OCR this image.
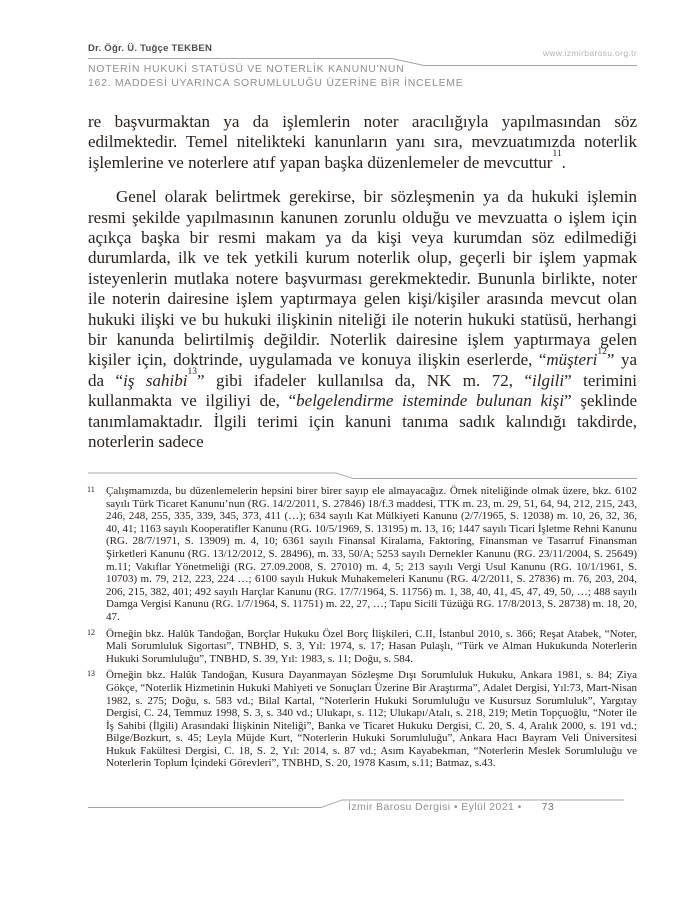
Dr. Öğr. Ü. Tuğçe TEKBEN	www.izmirbarosu.org.tr
NOTERİN HUKUKİ STATÜSÜ VE NOTERLİK KANUNU’NUN
162. MADDESİ UYARINCA SORUMLULUĞU ÜZERİNE BİR İNCELEME

re başvurmaktan ya da işlemlerin noter aracılığıyla yapılmasından söz edilmektedir. Temel nitelikteki kanunların yanı sıra, mevzuatımızda noterlik işlemlerine ve noterlere atıf yapan başka düzenlemeler de mevcuttur$^{11}$.

Genel olarak belirtmek gerekirse, bir sözleşmenin ya da hukuki işlemin resmi şekilde yapılmasının kanunen zorunlu olduğu ve mevzuatta o işlem için açıkça başka bir resmi makam ya da kişi veya kurumdan söz edilmediği durumlarda, ilk ve tek yetkili kurum noterlik olup, geçerli bir işlem yapmak isteyenlerin mutlaka notere başvurması gerekmektedir. Bununla birlikte, noter ile noterin dairesine işlem yaptırmaya gelen kişi/kişiler arasında mevcut olan hukuki ilişki ve bu hukuki ilişkinin niteliği ile noterin hukuki statüsü, herhangi bir kanunda belirtilmiş değildir. Noterlik dairesine işlem yaptırmaya gelen kişiler için, doktrinde, uygulamada ve konuya ilişkin eserlerde, “müşteri$^{12}$” ya da “iş sahibi$^{13}$” gibi ifadeler kullanılsa da, NK m. 72, “ilgili” terimini kullanmakta ve ilgiliyi de, “belgelendirme isteminde bulunan kişi” şeklinde tanımlamaktadır. İlgili terimi için kanuni tanıma sadık kalındığı takdirde, noterlerin sadece

11 Çalışmamızda, bu düzenlemelerin hepsini birer birer sayıp ele almayacağız. Örnek niteliğinde olmak üzere, bkz. 6102 sayılı Türk Ticaret Kanunu’nun (RG. 14/2/2011, S. 27846) 18/f.3 maddesi, TTK m. 23, m. 29, 51, 64, 94, 212, 215, 243, 246, 248, 255, 335, 339, 345, 373, 411 (…); 634 sayılı Kat Mülkiyeti Kanunu (2/7/1965, S. 12038) m. 10, 26, 32, 36, 40, 41; 1163 sayılı Kooperatifler Kanunu (RG. 10/5/1969, S. 13195) m. 13, 16; 1447 sayılı Ticari İşletme Rehni Kanunu (RG. 28/7/1971, S. 13909) m. 4, 10; 6361 sayılı Finansal Kiralama, Faktoring, Finansman ve Tasarruf Finansman Şirketleri Kanunu (RG. 13/12/2012, S. 28496), m. 33, 50/A; 5253 sayılı Dernekler Kanunu (RG. 23/11/2004, S. 25649) m.11; Vakıflar Yönetmeliği (RG. 27.09.2008, S. 27010) m. 4, 5; 213 sayılı Vergi Usul Kanunu (RG. 10/1/1961, S. 10703) m. 79, 212, 223, 224 …; 6100 sayılı Hukuk Muhakemeleri Kanunu (RG. 4/2/2011, S. 27836) m. 76, 203, 204, 206, 215, 382, 401; 492 sayılı Harçlar Kanunu (RG. 17/7/1964, S. 11756) m. 1, 38, 40, 41, 45, 47, 49, 50, …; 488 sayılı Damga Vergisi Kanunu (RG. 1/7/1964, S. 11751) m. 22, 27, …; Tapu Sicili Tüzüğü RG. 17/8/2013, S. 28738) m. 18, 20, 47.
12 Örneğin bkz. Halûk Tandoğan, Borçlar Hukuku Özel Borç İlişkileri, C.II, İstanbul 2010, s. 366; Reşat Atabek, “Noter, Mali Sorumluluk Sigortası”, TNBHD, S. 3, Yıl: 1974, s. 17; Hasan Pulaşlı, “Türk ve Alman Hukukunda Noterlerin Hukuki Sorumluluğu”, TNBHD, S. 39, Yıl: 1983, s. 11; Doğu, s. 584.
13 Örneğin bkz. Halûk Tandoğan, Kusura Dayanmayan Sözleşme Dışı Sorumluluk Hukuku, Ankara 1981, s. 84; Ziya Gökçe, “Noterlik Hizmetinin Hukuki Mahiyeti ve Sonuçları Üzerine Bir Araştırma”, Adalet Dergisi, Yıl:73, Mart-Nisan 1982, s. 275; Doğu, s. 583 vd.; Bilal Kartal, “Noterlerin Hukuki Sorumluluğu ve Kusursuz Sorumluluk”, Yargıtay Dergisi, C. 24, Temmuz 1998, S. 3, s. 340 vd.; Ulukapı, s. 112; Ulukapı/Atalı, s. 218, 219; Metin Topçuoğlu, “Noter ile İş Sahibi (İlgili) Arasındaki İlişkinin Niteliği”, Banka ve Ticaret Hukuku Dergisi, C. 20, S. 4, Aralık 2000, s. 191 vd.; Bilge/Bozkurt, s. 45; Leyla Müjde Kurt, “Noterlerin Hukuki Sorumluluğu”, Ankara Hacı Bayram Veli Üniversitesi Hukuk Fakültesi Dergisi, C. 18, S. 2, Yıl: 2014, s. 87 vd.; Asım Kayabekman, “Noterlerin Meslek Sorumluluğu ve Noterlerin Toplum İçindeki Görevleri”, TNBHD, S. 20, 1978 Kasım, s.11; Batmaz, s.43.
İzmir Barosu Dergisi • Eylül 2021 • 73
